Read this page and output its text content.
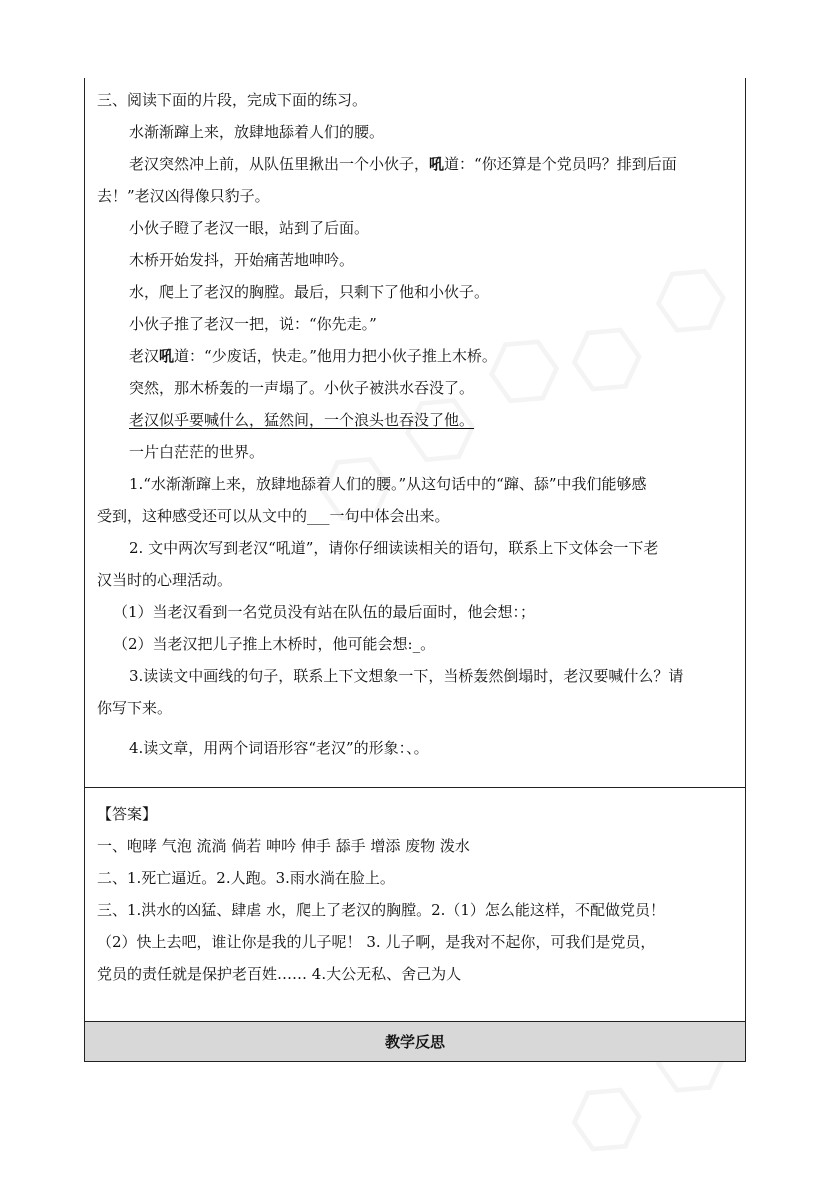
三、阅读下面的片段，完成下面的练习。
水渐渐蹿上来，放肆地舔着人们的腰。
老汉突然冲上前，从队伍里揪出一个小伙子，吼道：“你还算是个党员吗？排到后面
去！”老汉凶得像只豹子。
小伙子瞪了老汉一眼，站到了后面。
木桥开始发抖，开始痛苦地呻吟。
水，爬上了老汉的胸膛。最后，只剩下了他和小伙子。
小伙子推了老汉一把，说：“你先走。”
老汉吼道：“少废话，快走。”他用力把小伙子推上木桥。
突然，那木桥轰的一声塌了。小伙子被洪水吞没了。
老汉似乎要喊什么，猛然间，一个浪头也吞没了他。
一片白茫茫的世界。
1.“水渐渐蹿上来，放肆地舔着人们的腰。”从这句话中的“蹿、舔”中我们能够感
受到，这种感受还可以从文中的___一句中体会出来。
2. 文中两次写到老汉“吼道”，请你仔细读读相关的语句，联系上下文体会一下老
汉当时的心理活动。
（1）当老汉看到一名党员没有站在队伍的最后面时，他会想：；
（2）当老汉把儿子推上木桥时，他可能会想:_。
3.读读文中画线的句子，联系上下文想象一下，当桥轰然倒塌时，老汉要喊什么？请
你写下来。
4.读文章，用两个词语形容“老汉”的形象：、。
【答案】
一、咆哮 气泡 流淌 倘若 呻吟 伸手 舔手 增添 废物 泼水
二、1.死亡逼近。2.人跑。3.雨水淌在脸上。
三、1.洪水的凶猛、肆虐 水，爬上了老汉的胸膛。2.（1）怎么能这样，不配做党员！
（2）快上去吧，谁让你是我的儿子呢！ 3. 儿子啊，是我对不起你，可我们是党员，
党员的责任就是保护老百姓…… 4.大公无私、舍己为人
教学反思
